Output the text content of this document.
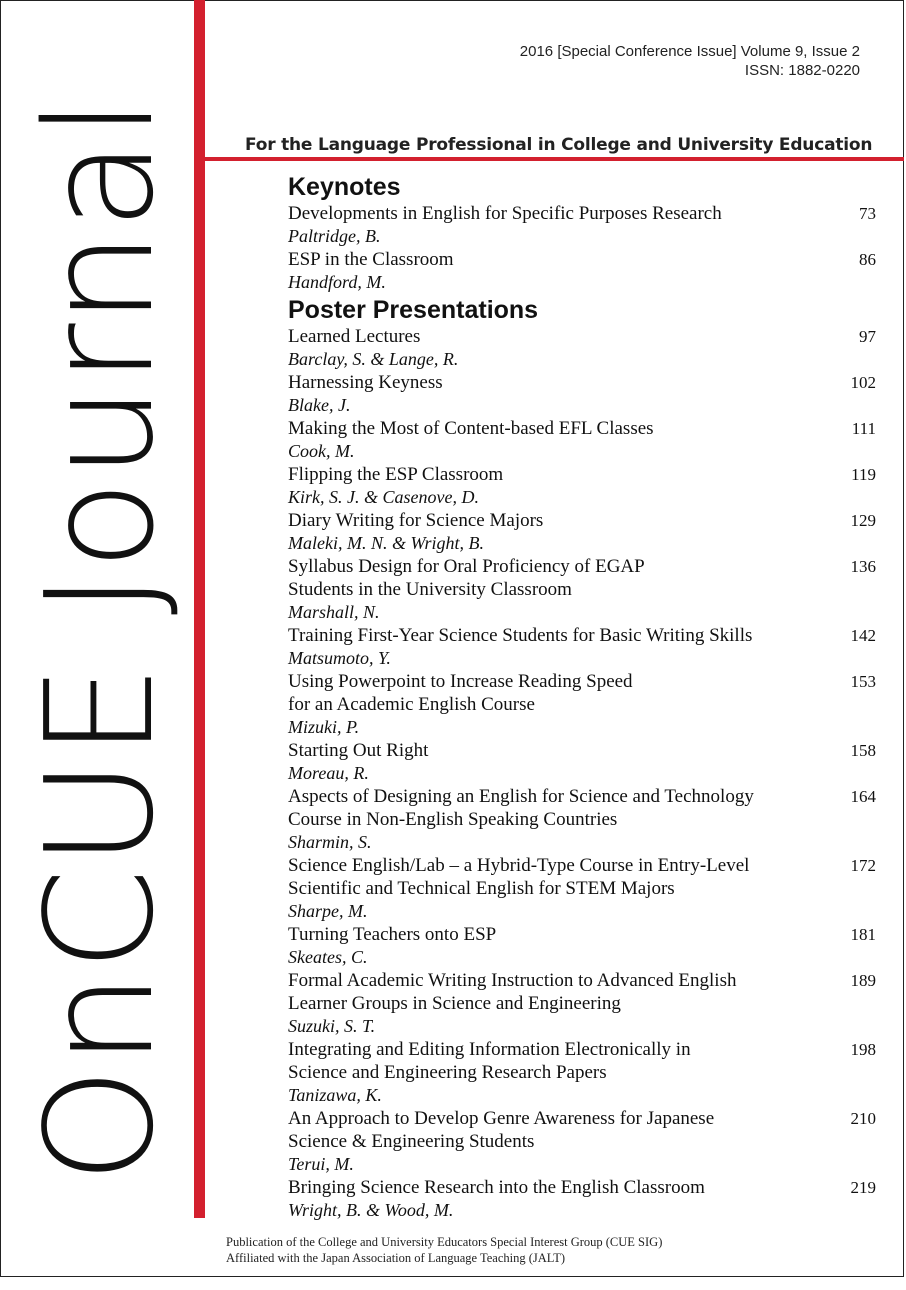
OnCUE Journal
2016 [Special Conference Issue] Volume 9, Issue 2
ISSN: 1882-0220
For the Language Professional in College and University Education
Keynotes
Developments in English for Specific Purposes Research
Paltridge, B.
73
ESP in the Classroom
Handford, M.
86
Poster Presentations
Learned Lectures
Barclay, S. & Lange, R.
97
Harnessing Keyness
Blake, J.
102
Making the Most of Content-based EFL Classes
Cook, M.
111
Flipping the ESP Classroom
Kirk, S. J. & Casenove, D.
119
Diary Writing for Science Majors
Maleki, M. N. & Wright, B.
129
Syllabus Design for Oral Proficiency of EGAP
Students in the University Classroom
Marshall, N.
136
Training First-Year Science Students for Basic Writing Skills
Matsumoto, Y.
142
Using Powerpoint to Increase Reading Speed
for an Academic English Course
Mizuki, P.
153
Starting Out Right
Moreau, R.
158
Aspects of Designing an English for Science and Technology
Course in Non-English Speaking Countries
Sharmin, S.
164
Science English/Lab – a Hybrid-Type Course in Entry-Level
Scientific and Technical English for STEM Majors
Sharpe, M.
172
Turning Teachers onto ESP
Skeates, C.
181
Formal Academic Writing Instruction to Advanced English
Learner Groups in Science and Engineering
Suzuki, S. T.
189
Integrating and Editing Information Electronically in
Science and Engineering Research Papers
Tanizawa, K.
198
An Approach to Develop Genre Awareness for Japanese
Science & Engineering Students
Terui, M.
210
Bringing Science Research into the English Classroom
Wright, B. & Wood, M.
219
Publication of the College and University Educators Special Interest Group (CUE SIG)
Affiliated with the Japan Association of Language Teaching (JALT)
